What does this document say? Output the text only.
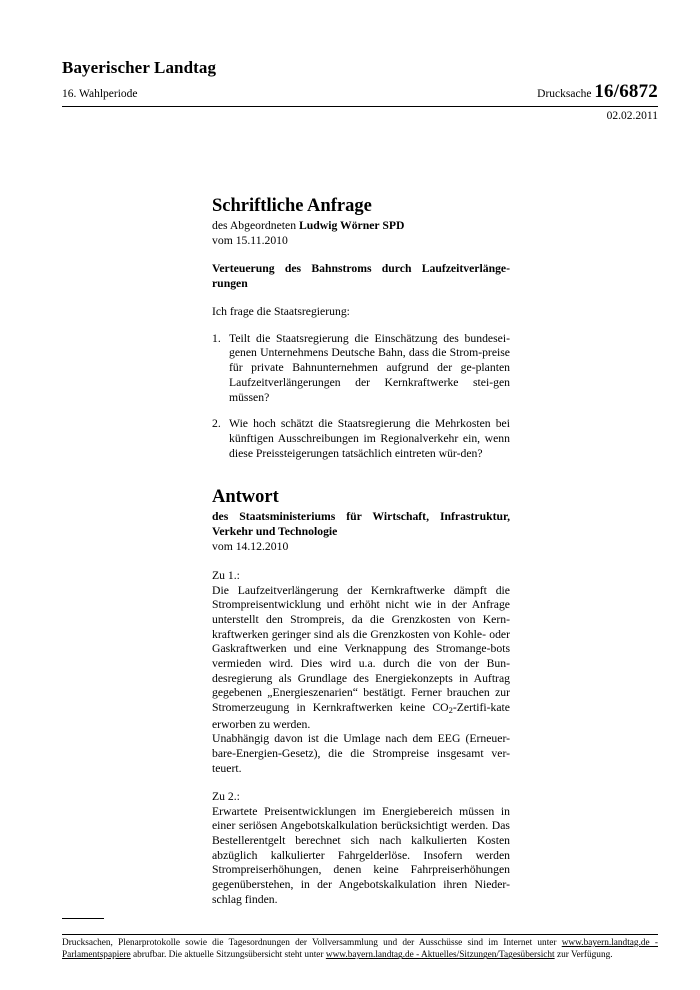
Bayerischer Landtag
16. Wahlperiode	Drucksache 16/6872
02.02.2011
Schriftliche Anfrage
des Abgeordneten Ludwig Wörner SPD
vom 15.11.2010
Verteuerung des Bahnstroms durch Laufzeitverlänge- rungen
Ich frage die Staatsregierung:
1. Teilt die Staatsregierung die Einschätzung des bundesei-genen Unternehmens Deutsche Bahn, dass die Strom-preise für private Bahnunternehmen aufgrund der ge-planten Laufzeitverlängerungen der Kernkraftwerke stei-gen müssen?
2. Wie hoch schätzt die Staatsregierung die Mehrkosten bei künftigen Ausschreibungen im Regionalverkehr ein, wenn diese Preissteigerungen tatsächlich eintreten wür-den?
Antwort
des Staatsministeriums für Wirtschaft, Infrastruktur, Verkehr und Technologie
vom 14.12.2010
Zu 1.:

Die Laufzeitverlängerung der Kernkraftwerke dämpft die Strompreisentwicklung und erhöht nicht wie in der Anfrage unterstellt den Strompreis, da die Grenzkosten von Kern-kraftwerken geringer sind als die Grenzkosten von Kohle- oder Gaskraftwerken und eine Verknappung des Stromange-bots vermieden wird. Dies wird u.a. durch die von der Bun-desregierung als Grundlage des Energiekonzepts in Auftrag gegebenen „Energieszenarien“ bestätigt. Ferner brauchen zur Stromerzeugung in Kernkraftwerken keine $CO_2-Zertifi$-kate erworben zu werden.

Unabhängig davon ist die Umlage nach dem EEG (Erneuer-bare-Energien-Gesetz), die die Strompreise insgesamt ver-teuert.

Zu 2.:

Erwartete Preisentwicklungen im Energiebereich müssen in einer seriösen Angebotskalkulation berücksichtigt werden. Das Bestellerentgelt berechnet sich nach kalkulierten Kosten abzüglich kalkulierter Fahrgelderlöse. Insofern werden Strompreiserhöhungen, denen keine Fahrpreiserhöhungen gegenüberstehen, in der Angebotskalkulation ihren Nieder-schlag finden.

Drucksachen, Plenarprotokolle sowie die Tagesordnungen der Vollversammlung und der Ausschüsse sind im Internet unter www.bayern.landtag.de - Parlamentspapiere abrufbar. Die aktuelle Sitzungsübersicht steht unter www.bayern.landtag.de - Aktuelles/Sitzungen/Tagesübersicht zur Verfügung.
